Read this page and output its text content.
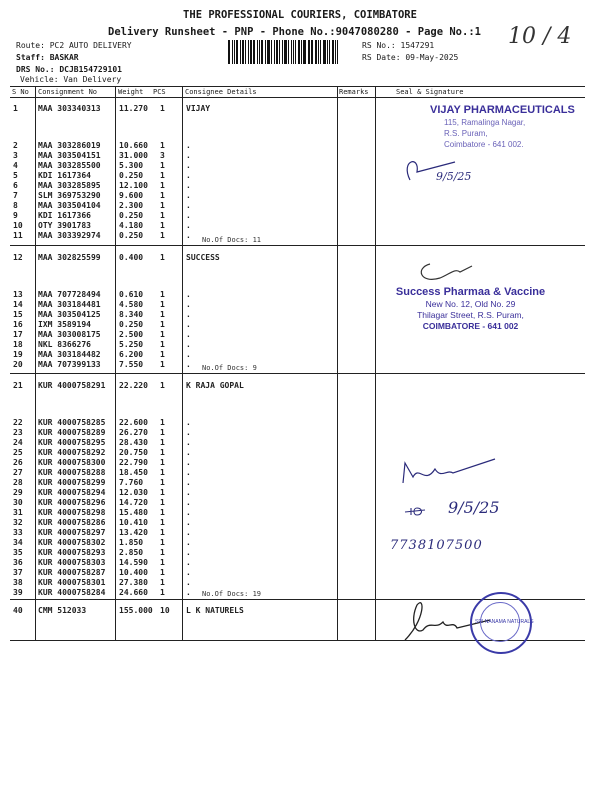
THE PROFESSIONAL COURIERS, COIMBATORE
Delivery Runsheet - PNP - Phone No.:9047080280 - Page No.:1 10 / 4
Route: PC2 AUTO DELIVERY
Staff: BASKAR
DRS No.: DCJB154729101
Vehicle: Van Delivery
RS No.: 1547291
RS Date: 09-May-2025
S No Consignment No	Weight PCS	Consignee Details	Remarks	Seal & Signature
1	MAA 303340313 11.270 1	VIJAY
2	MAA 303286019 10.660 1	.
3	MAA 303504151 31.000 3	.
4	MAA 303285500 5.300 1	.
5	KDI 1617364	0.250 1	.
6	MAA 303285895 12.100 1	.
7	SLM 369753290 9.600 1	.
8	MAA 303504104 2.300 1	.
9	KDI 1617366	0.250 1	.
10 OTY 3901783	4.180 1	.
11 MAA 303392974 0.250 1	. No.Of Docs: 11
12 MAA 302825599 0.400 1	SUCCESS
13 MAA 707728494 0.610 1	.
14 MAA 303184481 4.580 1	.
15 MAA 303504125 8.340 1	.
16 IXM 3589194	0.250 1	.
17 MAA 303008175 2.500 1	.
18 NKL 8366276	5.250 1	.
19 MAA 303184482 6.200 1	.
20 MAA 707399133 7.550 1	. No.Of Docs: 9
21 KUR 4000758291 22.220 1	K RAJA GOPAL
22 KUR 4000758285 22.600 1	.
23 KUR 4000758289 26.270 1	.
24 KUR 4000758295 28.430 1	.
25 KUR 4000758292 20.750 1	.
26 KUR 4000758300 22.790 1	.
27 KUR 4000758288 18.450 1	.
28 KUR 4000758299 7.760 1	.
29 KUR 4000758294 12.030 1	.
30 KUR 4000758296 14.720 1	.
31 KUR 4000758298 15.480 1	.
32 KUR 4000758286 10.410 1	.
33 KUR 4000758297 13.420 1	.
34 KUR 4000758302 1.850 1	.
35 KUR 4000758293 2.850 1	.
36 KUR 4000758303 14.590 1	.
37 KUR 4000758287 10.400 1	.
38 KUR 4000758301 27.380 1	.
39 KUR 4000758284 24.660 1	. No.Of Docs: 19
40 CMM 512033	155.000 10 L K NATURELS
VIJAY PHARMACEUTICALS
115, Ramalinga Nagar,
R.S. Puram,
Coimbatore - 641 002.
9/5/25
Success Pharmaa & Vaccine
New No. 12, Old No. 29
Thilagar Street, R.S. Puram,
COIMBATORE - 641 002
9/5/25
7738107500
SRI NANAMA NATURALS
